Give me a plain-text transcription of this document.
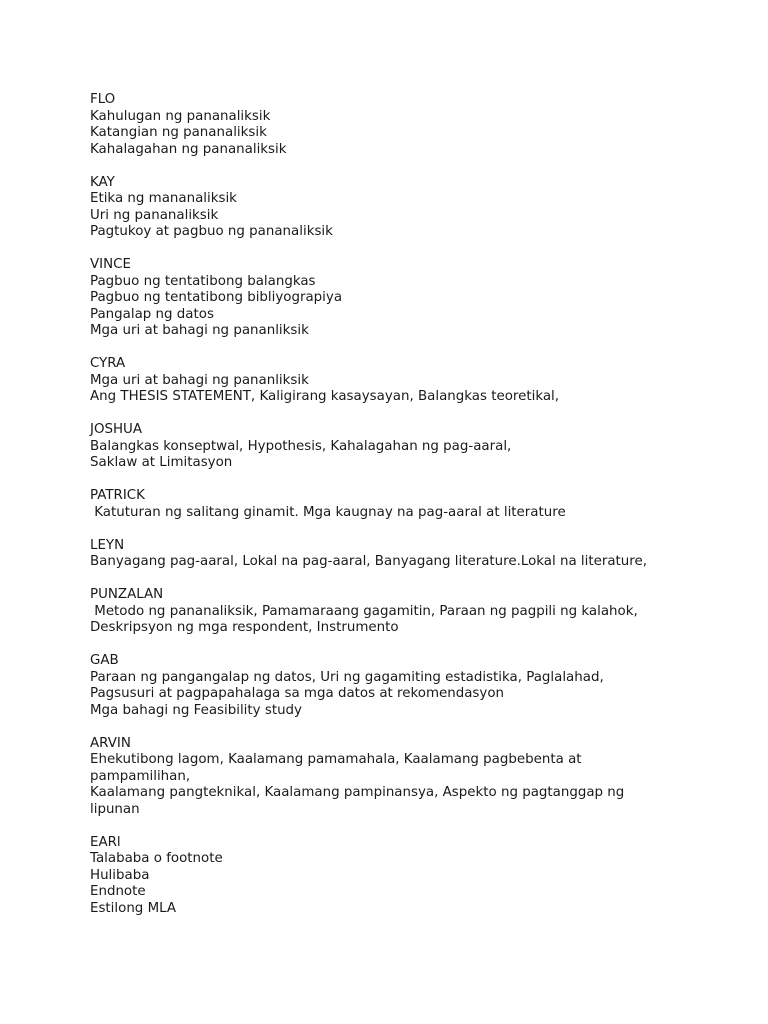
FLO
Kahulugan ng pananaliksik
Katangian ng pananaliksik
Kahalagahan ng pananaliksik
KAY
Etika ng mananaliksik
Uri ng pananaliksik
Pagtukoy at pagbuo ng pananaliksik
VINCE
Pagbuo ng tentatibong balangkas
Pagbuo ng tentatibong bibliyograpiya
Pangalap ng datos
Mga uri at bahagi ng pananliksik
CYRA
Mga uri at bahagi ng pananliksik
Ang THESIS STATEMENT, Kaligirang kasaysayan, Balangkas teoretikal,
JOSHUA
Balangkas konseptwal, Hypothesis, Kahalagahan ng pag-aaral,
Saklaw at Limitasyon
PATRICK
Katuturan ng salitang ginamit. Mga kaugnay na pag-aaral at literature
LEYN
Banyagang pag-aaral, Lokal na pag-aaral, Banyagang literature.Lokal na literature,
PUNZALAN
Metodo ng pananaliksik, Pamamaraang gagamitin, Paraan ng pagpili ng kalahok,
Deskripsyon ng mga respondent, Instrumento
GAB
Paraan ng pangangalap ng datos, Uri ng gagamiting estadistika, Paglalahad,
Pagsusuri at pagpapahalaga sa mga datos at rekomendasyon
Mga bahagi ng Feasibility study
ARVIN
Ehekutibong lagom, Kaalamang pamamahala, Kaalamang pagbebenta at
pampamilihan,
Kaalamang pangteknikal, Kaalamang pampinansya, Aspekto ng pagtanggap ng
lipunan
EARl
Talababa o footnote
Hulibaba
Endnote
Estilong MLA
